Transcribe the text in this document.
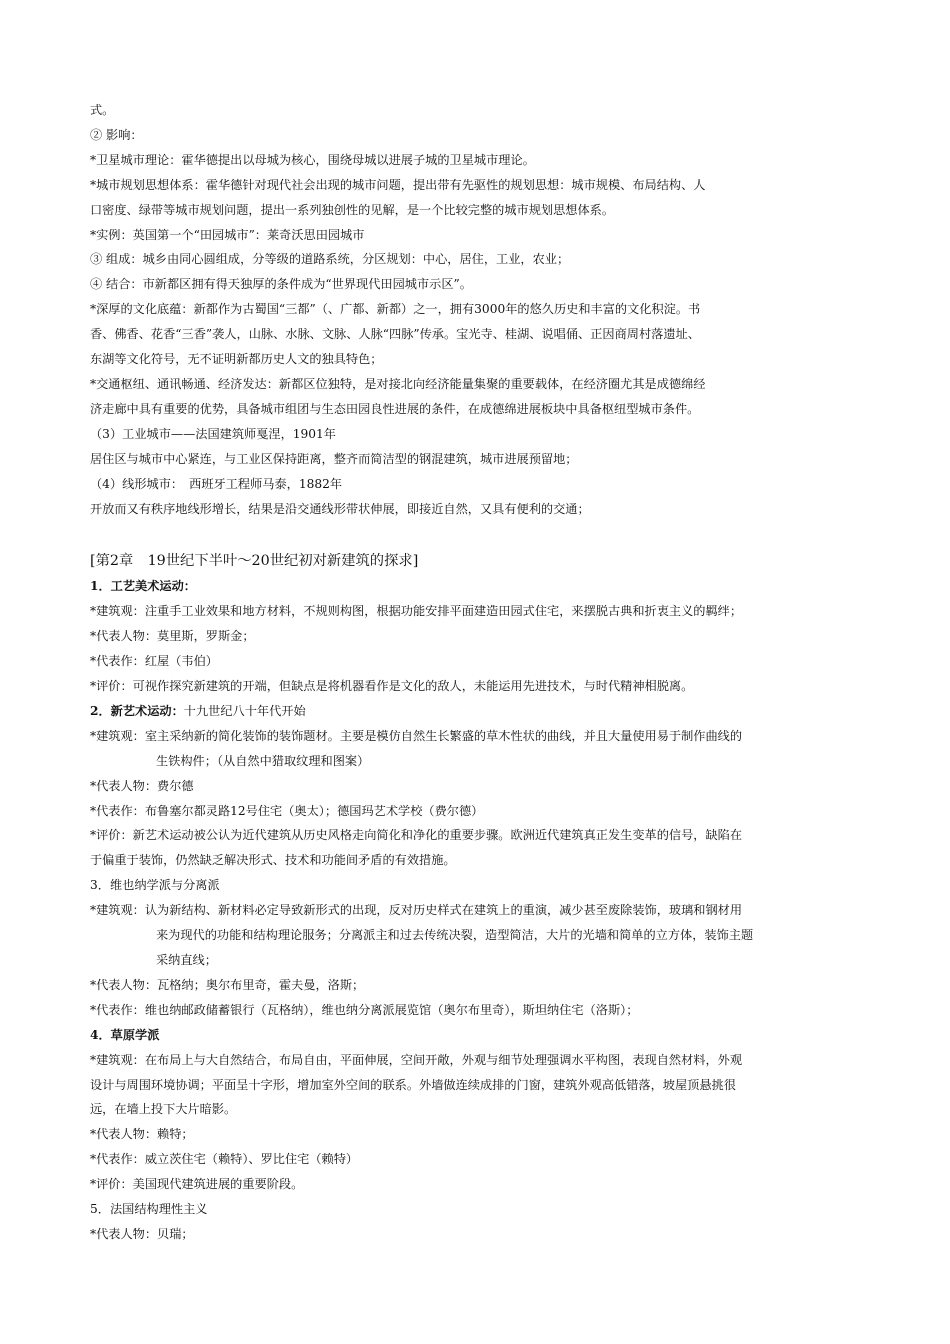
式。
② 影响：
*卫星城市理论：霍华德提出以母城为核心，围绕母城以进展子城的卫星城市理论。
*城市规划思想体系：霍华德针对现代社会出现的城市问题，提出带有先驱性的规划思想：城市规模、布局结构、人
口密度、绿带等城市规划问题，提出一系列独创性的见解，是一个比较完整的城市规划思想体系。
*实例：英国第一个“田园城市”：莱奇沃思田园城市
③ 组成：城乡由同心圆组成，分等级的道路系统，分区规划：中心，居住，工业，农业；
④ 结合：市新都区拥有得天独厚的条件成为“世界现代田园城市示区”。
*深厚的文化底蕴：新都作为古蜀国“三都”（、广都、新都）之一，拥有3000年的悠久历史和丰富的文化积淀。书
香、佛香、花香“三香”袭人，山脉、水脉、文脉、人脉“四脉”传承。宝光寺、桂湖、说唱俑、正因商周村落遗址、
东湖等文化符号，无不证明新都历史人文的独具特色；
*交通枢纽、通讯畅通、经济发达：新都区位独特，是对接北向经济能量集聚的重要载体，在经济圈尤其是成德绵经
济走廊中具有重要的优势，具备城市组团与生态田园良性进展的条件，在成德绵进展板块中具备枢纽型城市条件。
（3）工业城市——法国建筑师戛涅，1901年
居住区与城市中心紧连，与工业区保持距离，整齐而简洁型的钢混建筑，城市进展预留地；
（4）线形城市：　西班牙工程师马泰，1882年
开放而又有秩序地线形增长，结果是沿交通线形带状伸展，即接近自然，又具有便利的交通；
[第2章　19世纪下半叶～20世纪初对新建筑的探求]
1．工艺美术运动：
*建筑观：注重手工业效果和地方材料，不规则构图，根据功能安排平面建造田园式住宅，来摆脱古典和折衷主义的羁绊；
*代表人物：莫里斯，罗斯金；
*代表作：红屋（韦伯）
*评价：可视作探究新建筑的开端，但缺点是将机器看作是文化的敌人，未能运用先进技术，与时代精神相脱离。
2．新艺术运动：十九世纪八十年代开始
*建筑观：室主采纳新的简化装饰的装饰题材。主要是模仿自然生长繁盛的草木性状的曲线，并且大量使用易于制作曲线的
生铁构件；（从自然中猎取纹理和图案）
*代表人物：费尔德
*代表作：布鲁塞尔都灵路12号住宅（奥太）；德国玛艺术学校（费尔德）
*评价：新艺术运动被公认为近代建筑从历史风格走向简化和净化的重要步骤。欧洲近代建筑真正发生变革的信号，缺陷在
于偏重于装饰，仍然缺乏解决形式、技术和功能间矛盾的有效措施。
3．维也纳学派与分离派
*建筑观：认为新结构、新材料必定导致新形式的出现，反对历史样式在建筑上的重演，减少甚至废除装饰，玻璃和钢材用
来为现代的功能和结构理论服务；分离派主和过去传统决裂，造型简洁，大片的光墙和简单的立方体，装饰主题
采纳直线；
*代表人物：瓦格纳；奥尔布里奇，霍夫曼，洛斯；
*代表作：维也纳邮政储蓄银行（瓦格纳），维也纳分离派展览馆（奥尔布里奇），斯坦纳住宅（洛斯）；
4．草原学派
*建筑观：在布局上与大自然结合，布局自由，平面伸展，空间开敞，外观与细节处理强调水平构图，表现自然材料，外观
设计与周围环境协调；平面呈十字形，增加室外空间的联系。外墙做连续成排的门窗，建筑外观高低错落，坡屋顶悬挑很
远，在墙上投下大片暗影。
*代表人物：赖特；
*代表作：威立茨住宅（赖特）、罗比住宅（赖特）
*评价：美国现代建筑进展的重要阶段。
5．法国结构理性主义
*代表人物：贝瑞；
